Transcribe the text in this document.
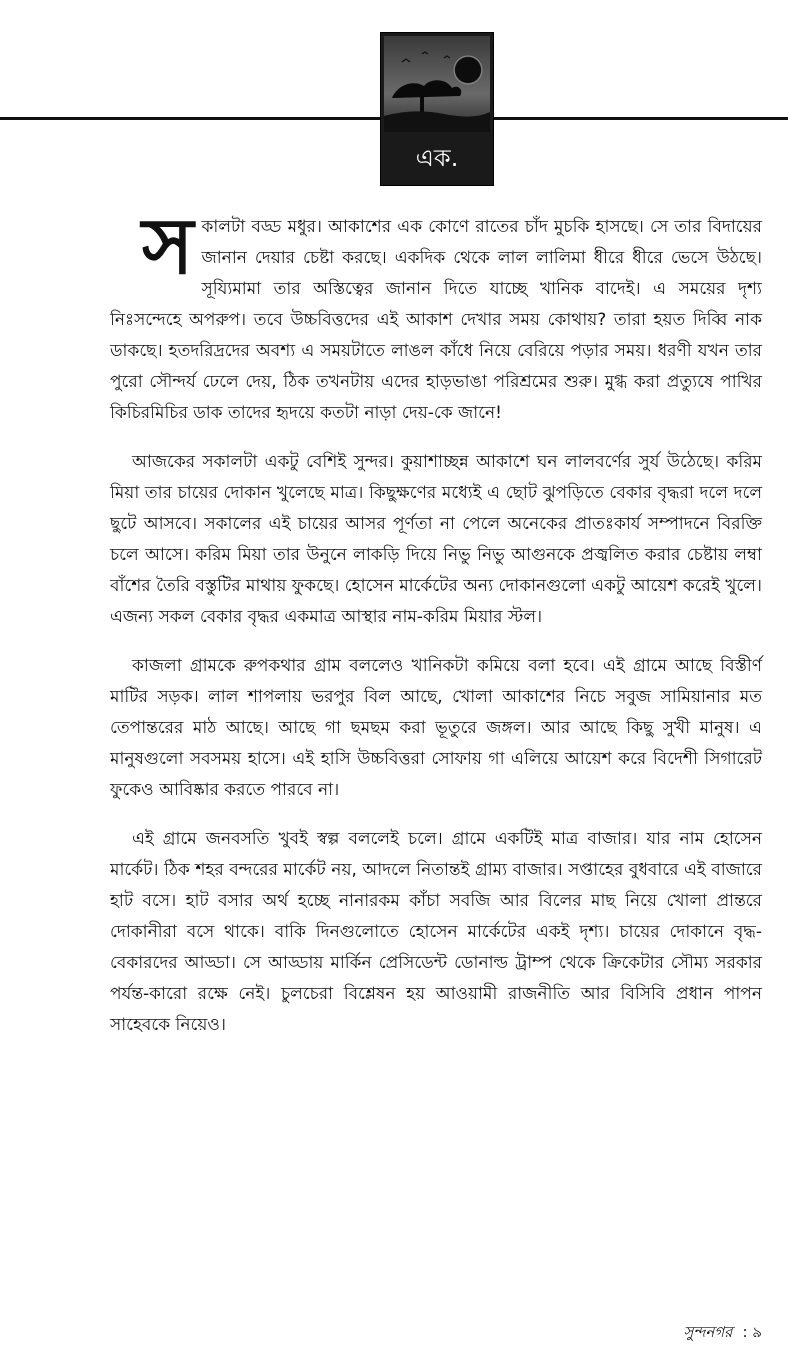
এক.

সকালটা বড্ড মধুর। আকাশের এক কোণে রাতের চাঁদ মুচকি হাসছে। সে তার বিদায়ের জানান দেয়ার চেষ্টা করছে। একদিক থেকে লাল লালিমা ধীরে ধীরে ভেসে উঠছে। সূয্যিমামা তার অস্তিত্বের জানান দিতে যাচ্ছে খানিক বাদেই। এ সময়ের দৃশ্য নিঃসন্দেহে অপরুপ। তবে উচ্চবিত্তদের এই আকাশ দেখার সময় কোথায়? তারা হয়ত দিব্বি নাক ডাকছে। হতদরিদ্রদের অবশ্য এ সময়টাতে লাঙল কাঁধে নিয়ে বেরিয়ে পড়ার সময়। ধরণী যখন তার পুরো সৌন্দর্য ঢেলে দেয়, ঠিক তখনটায় এদের হাড়ভাঙা পরিশ্রমের শুরু। মুগ্ধ করা প্রত্যুষে পাখির কিচিরমিচির ডাক তাদের হৃদয়ে কতটা নাড়া দেয়-কে জানে!

আজকের সকালটা একটু বেশিই সুন্দর। কুয়াশাচ্ছন্ন আকাশে ঘন লালবর্ণের সুর্য উঠেছে। করিম মিয়া তার চায়ের দোকান খুলেছে মাত্র। কিছুক্ষণের মধ্যেই এ ছোট ঝুপড়িতে বেকার বৃদ্ধরা দলে দলে ছুটে আসবে। সকালের এই চায়ের আসর পূর্ণতা না পেলে অনেকের প্রাতঃকার্য সম্পাদনে বিরক্তি চলে আসে। করিম মিয়া তার উনুনে লাকড়ি দিয়ে নিভু নিভু আগুনকে প্রজ্বলিত করার চেষ্টায় লম্বা বাঁশের তৈরি বস্তুটির মাথায় ফুকছে। হোসেন মার্কেটের অন্য দোকানগুলো একটু আয়েশ করেই খুলে। এজন্য সকল বেকার বৃদ্ধর একমাত্র আস্থার নাম-করিম মিয়ার স্টল।

কাজলা গ্রামকে রুপকথার গ্রাম বললেও খানিকটা কমিয়ে বলা হবে। এই গ্রামে আছে বিস্তীর্ণ মাটির সড়ক। লাল শাপলায় ভরপুর বিল আছে, খোলা আকাশের নিচে সবুজ সামিয়ানার মত তেপান্তরের মাঠ আছে। আছে গা ছমছম করা ভূতুরে জঙ্গল। আর আছে কিছু সুখী মানুষ। এ মানুষগুলো সবসময় হাসে। এই হাসি উচ্চবিত্তরা সোফায় গা এলিয়ে আয়েশ করে বিদেশী সিগারেট ফুকেও আবিষ্কার করতে পারবে না।

এই গ্রামে জনবসতি খুবই স্বল্প বললেই চলে। গ্রামে একটিই মাত্র বাজার। যার নাম হোসেন মার্কেট। ঠিক শহর বন্দরের মার্কেট নয়, আদলে নিতান্তই গ্রাম্য বাজার। সপ্তাহের বুধবারে এই বাজারে হাট বসে। হাট বসার অর্থ হচ্ছে নানারকম কাঁচা সবজি আর বিলের মাছ নিয়ে খোলা প্রান্তরে দোকানীরা বসে থাকে। বাকি দিনগুলোতে হোসেন মার্কেটের একই দৃশ্য। চায়ের দোকানে বৃদ্ধ-বেকারদের আড্ডা। সে আড্ডায় মার্কিন প্রেসিডেন্ট ডোনাল্ড ট্রাম্প থেকে ক্রিকেটার সৌম্য সরকার পর্যন্ত-কারো রক্ষে নেই। চুলচেরা বিশ্লেষন হয় আওয়ামী রাজনীতি আর বিসিবি প্রধান পাপন সাহেবকে নিয়েও।

সুন্দনগর : ৯
